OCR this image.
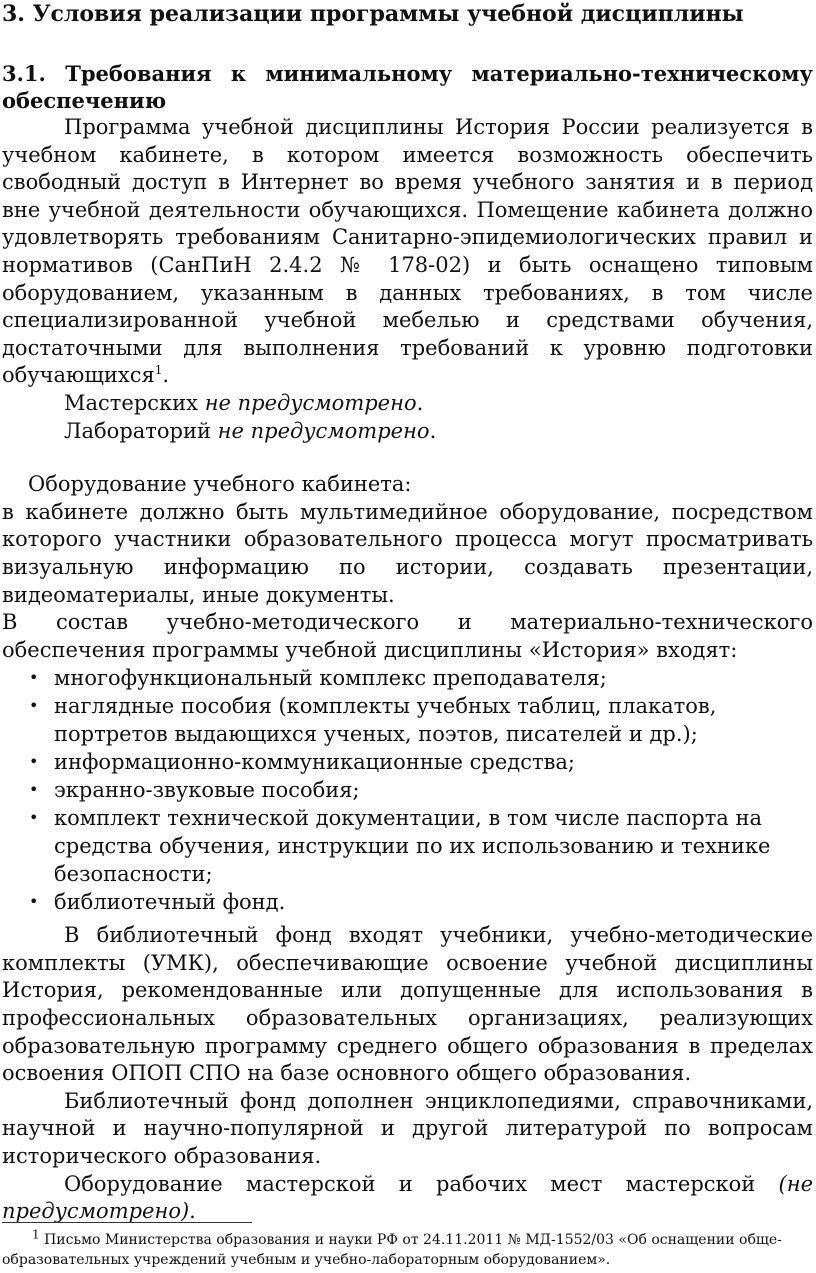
3. Условия реализации программы учебной дисциплины
3.1. Требования к минимальному материально-техническому
обеспечению

Программа учебной дисциплины История России реализуется в учебном кабинете, в котором имеется возможность обеспечить свободный доступ в Интернет во время учебного занятия и в период вне учебной деятельности обучающихся. Помещение кабинета должно удовлетворять требованиям Санитарно-эпидемиологических правил и нормативов (СанПиН 2.4.2 № 178-02) и быть оснащено типовым оборудованием, указанным в данных требованиях, в том числе специализированной учебной мебелью и средствами обучения, достаточными для выполнения требований к уровню подготовки обучающихся$^1$.

Мастерских не предусмотрено.

Лабораторий не предусмотрено.

Оборудование учебного кабинета:

в кабинете должно быть мультимедийное оборудование, посредством которого участники образовательного процесса могут просматривать визуальную информацию по истории, создавать презентации, видеоматериалы, иные документы.

В состав учебно-методического и материально-технического обеспечения программы учебной дисциплины «История» входят:

• многофункциональный комплекс преподавателя;
• наглядные пособия (комплекты учебных таблиц, плакатов, портретов выдающихся ученых, поэтов, писателей и др.);
• информационно-коммуникационные средства;
• экранно-звуковые пособия;
• комплект технической документации, в том числе паспорта на средства обучения, инструкции по их использованию и технике безопасности;
• библиотечный фонд.

В библиотечный фонд входят учебники, учебно-методические комплекты (УМК), обеспечивающие освоение учебной дисциплины История, рекомендованные или допущенные для использования в профессиональных образовательных организациях, реализующих образовательную программу среднего общего образования в пределах освоения ОПОП СПО на базе основного общего образования.

Библиотечный фонд дополнен энциклопедиями, справочниками, научной и научно-популярной и другой литературой по вопросам исторического образования.

Оборудование мастерской и рабочих мест мастерской (не предусмотрено).

$^1$ Письмо Министерства образования и науки РФ от 24.11.2011 № МД-1552/03 «Об оснащении обще-
образовательных учреждений учебным и учебно-лабораторным оборудованием».
